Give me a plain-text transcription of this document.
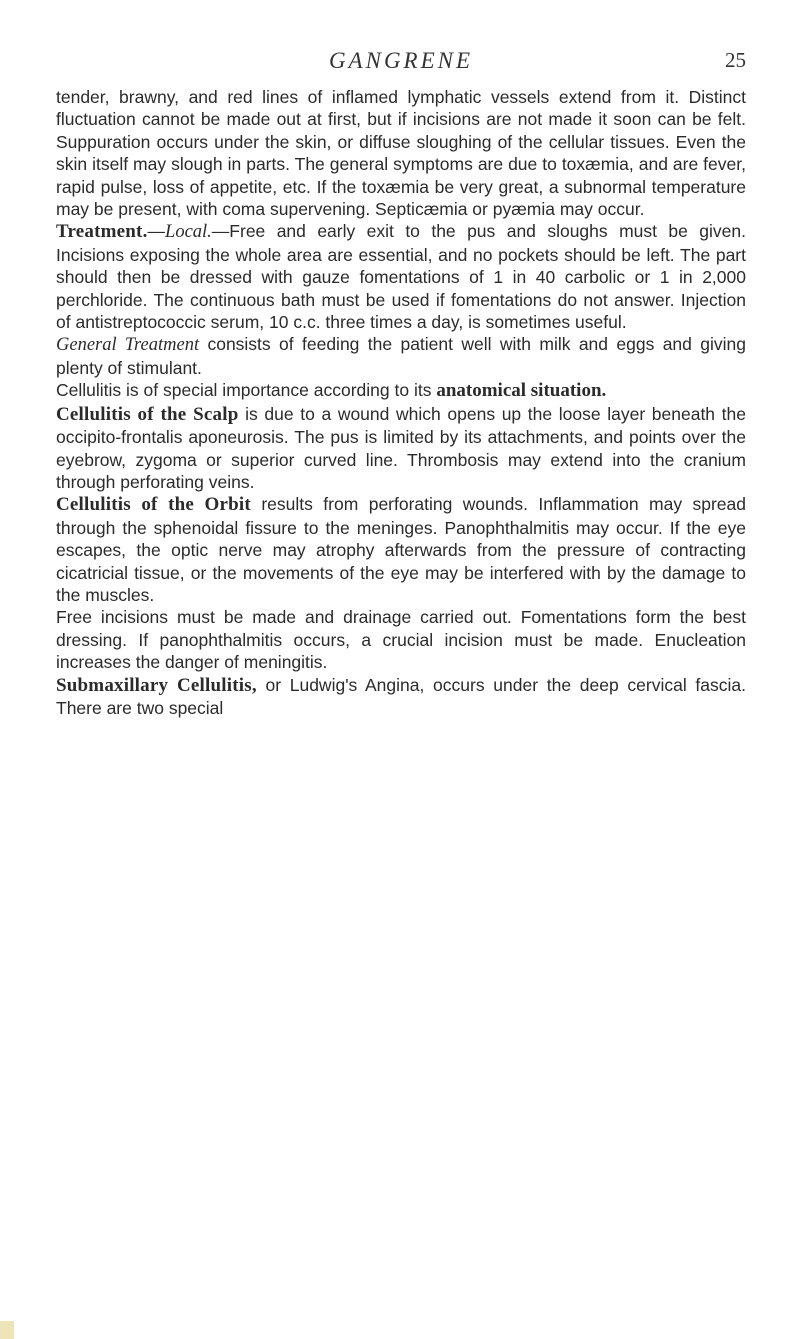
GANGRENE	25

tender, brawny, and red lines of inflamed lymphatic vessels extend from it. Distinct fluctuation cannot be made out at first, but if incisions are not made it soon can be felt. Suppuration occurs under the skin, or diffuse sloughing of the cellular tissues. Even the skin itself may slough in parts. The general symptoms are due to toxæmia, and are fever, rapid pulse, loss of appetite, etc. If the toxæmia be very great, a subnormal temperature may be present, with coma supervening. Septicæmia or pyæmia may occur.

Treatment.—Local.—Free and early exit to the pus and sloughs must be given. Incisions exposing the whole area are essential, and no pockets should be left. The part should then be dressed with gauze fomentations of 1 in 40 carbolic or 1 in 2,000 perchloride. The continuous bath must be used if fomentations do not answer. Injection of antistreptococcic serum, 10 c.c. three times a day, is sometimes useful.

General Treatment consists of feeding the patient well with milk and eggs and giving plenty of stimulant.

Cellulitis is of special importance according to its anatomical situation.

Cellulitis of the Scalp is due to a wound which opens up the loose layer beneath the occipito-frontalis aponeurosis. The pus is limited by its attachments, and points over the eyebrow, zygoma or superior curved line. Thrombosis may extend into the cranium through perforating veins.

Cellulitis of the Orbit results from perforating wounds. Inflammation may spread through the sphenoidal fissure to the meninges. Panophthalmitis may occur. If the eye escapes, the optic nerve may atrophy afterwards from the pressure of contracting cicatricial tissue, or the movements of the eye may be interfered with by the damage to the muscles.

Free incisions must be made and drainage carried out. Fomentations form the best dressing. If panophthalmitis occurs, a crucial incision must be made. Enucleation increases the danger of meningitis.

Submaxillary Cellulitis, or Ludwig's Angina, occurs under the deep cervical fascia. There are two special
